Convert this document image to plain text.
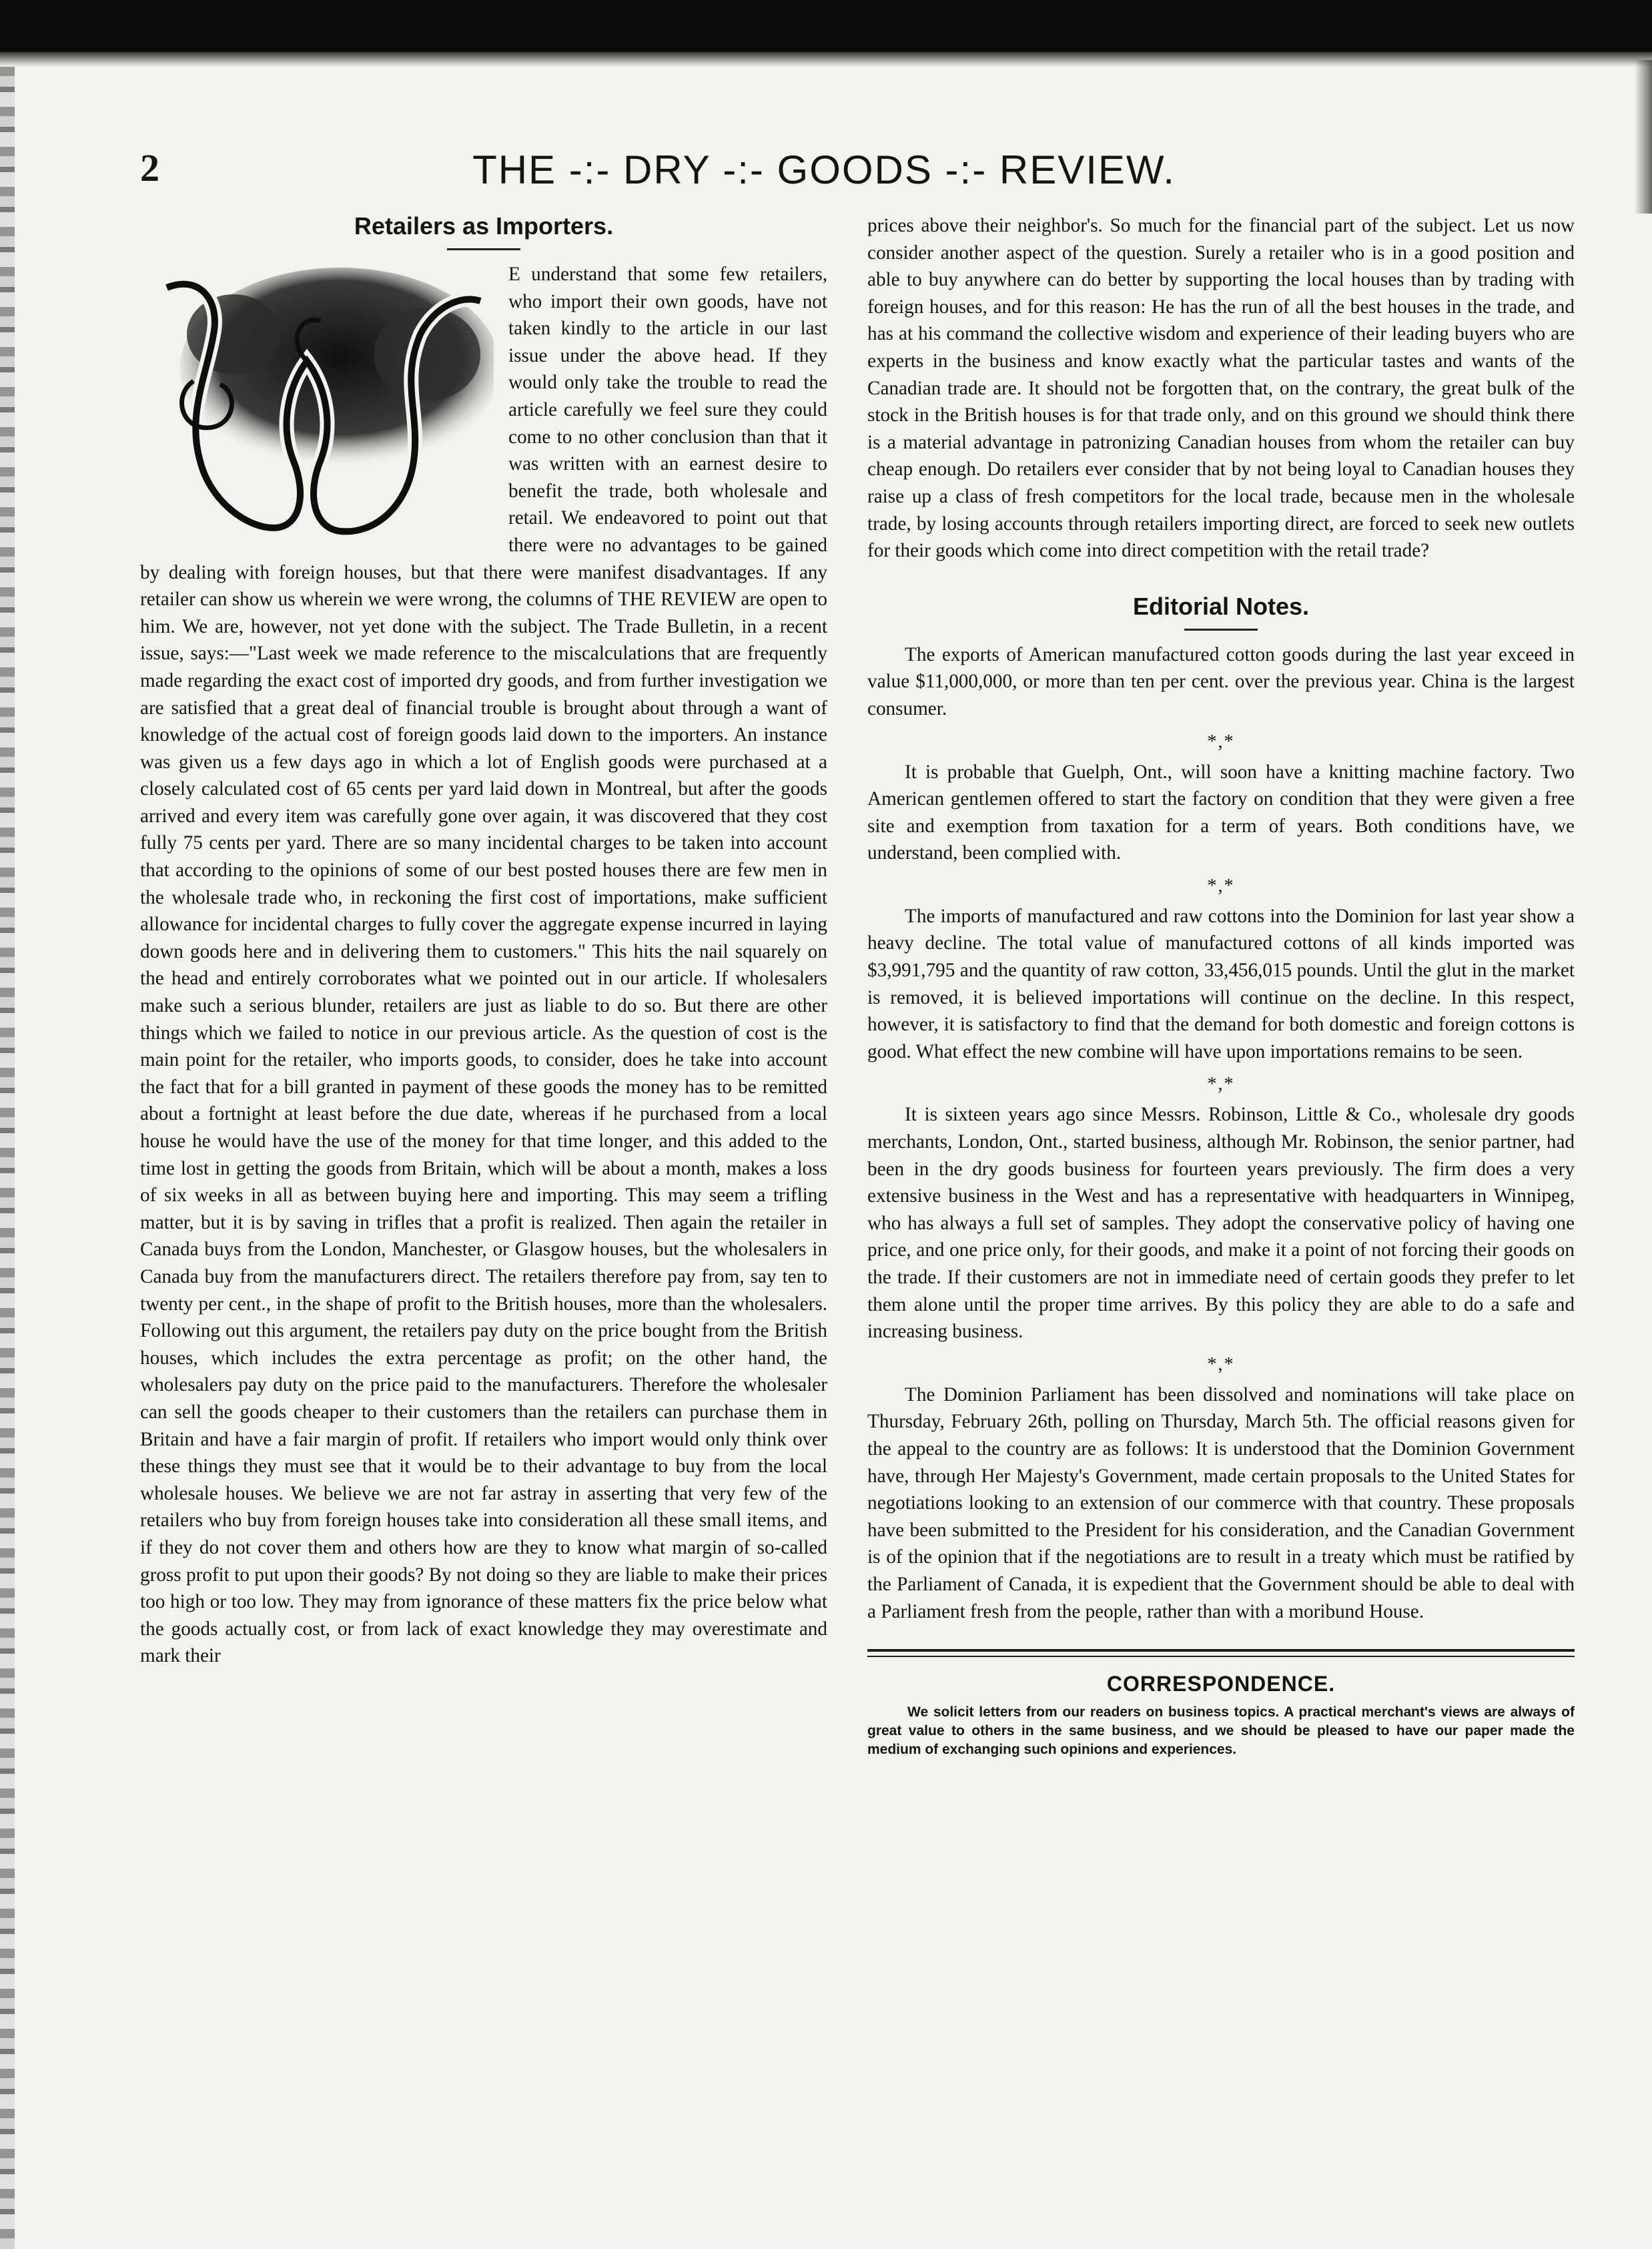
2	THE -:- DRY -:- GOODS -:- REVIEW.
Retailers as Importers.
E understand that some few retailers, who import their own goods, have not taken kindly to the article in our last issue under the above head. If they would only take the trouble to read the article carefully we feel sure they could come to no other conclusion than that it was written with an earnest desire to benefit the trade, both wholesale and retail. We endeavored to point out that there were no advantages to be gained by dealing with foreign houses, but that there were manifest disadvantages. If any retailer can show us wherein we were wrong, the columns of THE REVIEW are open to him. We are, however, not yet done with the subject. The Trade Bulletin, in a recent issue, says:—"Last week we made reference to the miscalculations that are frequently made regarding the exact cost of imported dry goods, and from further investigation we are satisfied that a great deal of financial trouble is brought about through a want of knowledge of the actual cost of foreign goods laid down to the importers. An instance was given us a few days ago in which a lot of English goods were purchased at a closely calculated cost of 65 cents per yard laid down in Montreal, but after the goods arrived and every item was carefully gone over again, it was discovered that they cost fully 75 cents per yard. There are so many incidental charges to be taken into account that according to the opinions of some of our best posted houses there are few men in the wholesale trade who, in reckoning the first cost of importations, make sufficient allowance for incidental charges to fully cover the aggregate expense incurred in laying down goods here and in delivering them to customers." This hits the nail squarely on the head and entirely corroborates what we pointed out in our article. If wholesalers make such a serious blunder, retailers are just as liable to do so. But there are other things which we failed to notice in our previous article. As the question of cost is the main point for the retailer, who imports goods, to consider, does he take into account the fact that for a bill granted in payment of these goods the money has to be remitted about a fortnight at least before the due date, whereas if he purchased from a local house he would have the use of the money for that time longer, and this added to the time lost in getting the goods from Britain, which will be about a month, makes a loss of six weeks in all as between buying here and importing. This may seem a trifling matter, but it is by saving in trifles that a profit is realized. Then again the retailer in Canada buys from the London, Manchester, or Glasgow houses, but the wholesalers in Canada buy from the manufacturers direct. The retailers therefore pay from, say ten to twenty per cent., in the shape of profit to the British houses, more than the wholesalers. Following out this argument, the retailers pay duty on the price bought from the British houses, which includes the extra percentage as profit; on the other hand, the wholesalers pay duty on the price paid to the manufacturers. Therefore the wholesaler can sell the goods cheaper to their customers than the retailers can purchase them in Britain and have a fair margin of profit. If retailers who import would only think over these things they must see that it would be to their advantage to buy from the local wholesale houses. We believe we are not far astray in asserting that very few of the retailers who buy from foreign houses take into consideration all these small items, and if they do not cover them and others how are they to know what margin of so-called gross profit to put upon their goods? By not doing so they are liable to make their prices too high or too low. They may from ignorance of these matters fix the price below what the goods actually cost, or from lack of exact knowledge they may overestimate and mark their

prices above their neighbor's. So much for the financial part of the subject. Let us now consider another aspect of the question. Surely a retailer who is in a good position and able to buy anywhere can do better by supporting the local houses than by trading with foreign houses, and for this reason: He has the run of all the best houses in the trade, and has at his command the collective wisdom and experience of their leading buyers who are experts in the business and know exactly what the particular tastes and wants of the Canadian trade are. It should not be forgotten that, on the contrary, the great bulk of the stock in the British houses is for that trade only, and on this ground we should think there is a material advantage in patronizing Canadian houses from whom the retailer can buy cheap enough. Do retailers ever consider that by not being loyal to Canadian houses they raise up a class of fresh competitors for the local trade, because men in the wholesale trade, by losing accounts through retailers importing direct, are forced to seek new outlets for their goods which come into direct competition with the retail trade?

Editorial Notes.

The exports of American manufactured cotton goods during the last year exceed in value $11,000,000, or more than ten per cent. over the previous year. China is the largest consumer.

*,*

It is probable that Guelph, Ont., will soon have a knitting machine factory. Two American gentlemen offered to start the factory on condition that they were given a free site and exemption from taxation for a term of years. Both conditions have, we understand, been complied with.

*,*

The imports of manufactured and raw cottons into the Dominion for last year show a heavy decline. The total value of manufactured cottons of all kinds imported was $3,991,795 and the quantity of raw cotton, 33,456,015 pounds. Until the glut in the market is removed, it is believed importations will continue on the decline. In this respect, however, it is satisfactory to find that the demand for both domestic and foreign cottons is good. What effect the new combine will have upon importations remains to be seen.

*,*

It is sixteen years ago since Messrs. Robinson, Little & Co., wholesale dry goods merchants, London, Ont., started business, although Mr. Robinson, the senior partner, had been in the dry goods business for fourteen years previously. The firm does a very extensive business in the West and has a representative with headquarters in Winnipeg, who has always a full set of samples. They adopt the conservative policy of having one price, and one price only, for their goods, and make it a point of not forcing their goods on the trade. If their customers are not in immediate need of certain goods they prefer to let them alone until the proper time arrives. By this policy they are able to do a safe and increasing business.

*,*

The Dominion Parliament has been dissolved and nominations will take place on Thursday, February 26th, polling on Thursday, March 5th. The official reasons given for the appeal to the country are as follows: It is understood that the Dominion Government have, through Her Majesty's Government, made certain proposals to the United States for negotiations looking to an extension of our commerce with that country. These proposals have been submitted to the President for his consideration, and the Canadian Government is of the opinion that if the negotiations are to result in a treaty which must be ratified by the Parliament of Canada, it is expedient that the Government should be able to deal with a Parliament fresh from the people, rather than with a moribund House.

CORRESPONDENCE.

We solicit letters from our readers on business topics. A practical merchant's views are always of great value to others in the same business, and we should be pleased to have our paper made the medium of exchanging such opinions and experiences.
